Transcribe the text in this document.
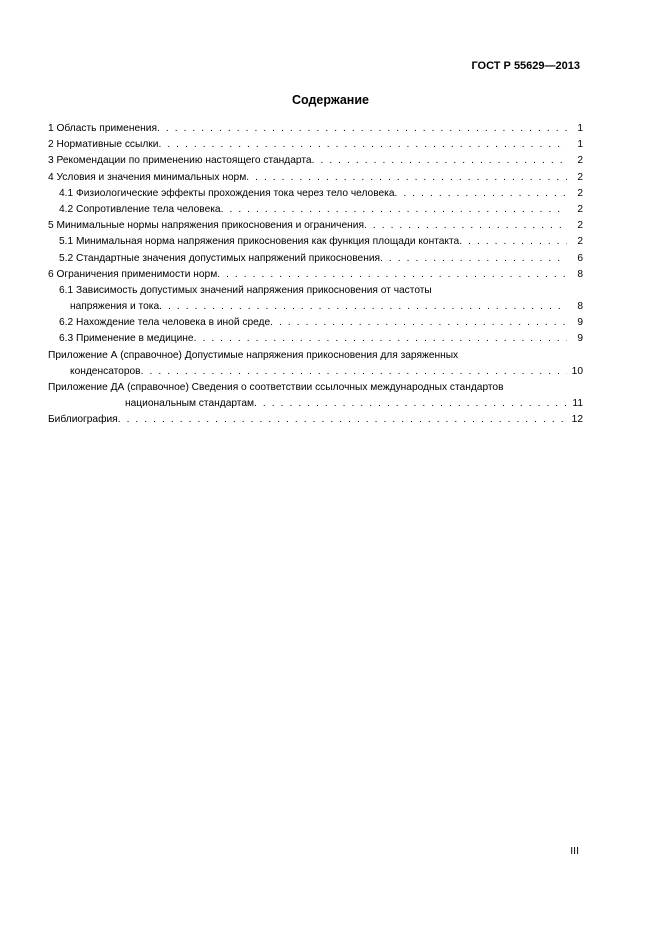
ГОСТ Р 55629—2013
Содержание
1 Область применения . . .	1
2 Нормативные ссылки . . .	1
3 Рекомендации по применению настоящего стандарта . . .	2
4 Условия и значения минимальных норм . . .	2
4.1 Физиологические эффекты прохождения тока через тело человека . . .	2
4.2 Сопротивление тела человека . . .	2
5 Минимальные нормы напряжения прикосновения и ограничения . . .	2
5.1 Минимальная норма напряжения прикосновения как функция площади контакта . . .	2
5.2 Стандартные значения допустимых напряжений прикосновения . . .	6
6 Ограничения применимости норм . . .	8
6.1 Зависимость допустимых значений напряжения прикосновения от частоты
напряжения и тока . . .	8
6.2 Нахождение тела человека в иной среде . . .	9
6.3 Применение в медицине . . .	9
Приложение А (справочное) Допустимые напряжения прикосновения для заряженных
конденсаторов . . .	10
Приложение ДА (справочное) Сведения о соответствии ссылочных международных стандартов
национальным стандартам . . .	11
Библиография . . .	12
III
